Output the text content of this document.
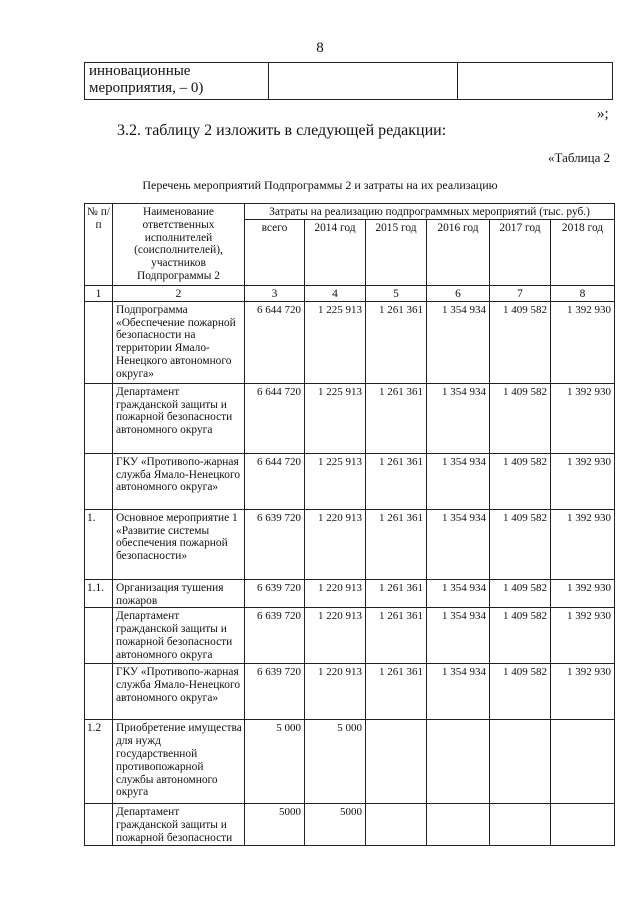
8
инновационные мероприятия, – 0)		
»;
3.2. таблицу 2 изложить в следующей редакции:
«Таблица 2
Перечень мероприятий Подпрограммы 2 и затраты на их реализацию
№ п/п	Наименование ответственных исполнителей (соисполнителей), участников Подпрограммы 2	Затраты на реализацию подпрограммных мероприятий (тыс. руб.)					
		всего	2014 год	2015 год	2016 год	2017 год	2018 год
1	2	3	4	5	6	7	8
	Подпрограмма «Обеспечение пожарной безопасности на территории Ямало-Ненецкого автономного округа»	6 644 720	1 225 913	1 261 361	1 354 934	1 409 582	1 392 930
	Департамент гражданской защиты и пожарной безопасности автономного округа	6 644 720	1 225 913	1 261 361	1 354 934	1 409 582	1 392 930
	ГКУ «Противопо-жарная служба Ямало-Ненецкого автономного округа»	6 644 720	1 225 913	1 261 361	1 354 934	1 409 582	1 392 930
1.	Основное мероприятие 1 «Развитие системы обеспечения пожарной безопасности»	6 639 720	1 220 913	1 261 361	1 354 934	1 409 582	1 392 930
1.1.	Организация тушения пожаров	6 639 720	1 220 913	1 261 361	1 354 934	1 409 582	1 392 930
	Департамент гражданской защиты и пожарной безопасности автономного округа	6 639 720	1 220 913	1 261 361	1 354 934	1 409 582	1 392 930
	ГКУ «Противопо-жарная служба Ямало-Ненецкого автономного округа»	6 639 720	1 220 913	1 261 361	1 354 934	1 409 582	1 392 930
1.2	Приобретение имущества для нужд государственной противопожарной службы автономного округа	5 000	5 000				
	Департамент гражданской защиты и пожарной безопасности	5000	5000				
